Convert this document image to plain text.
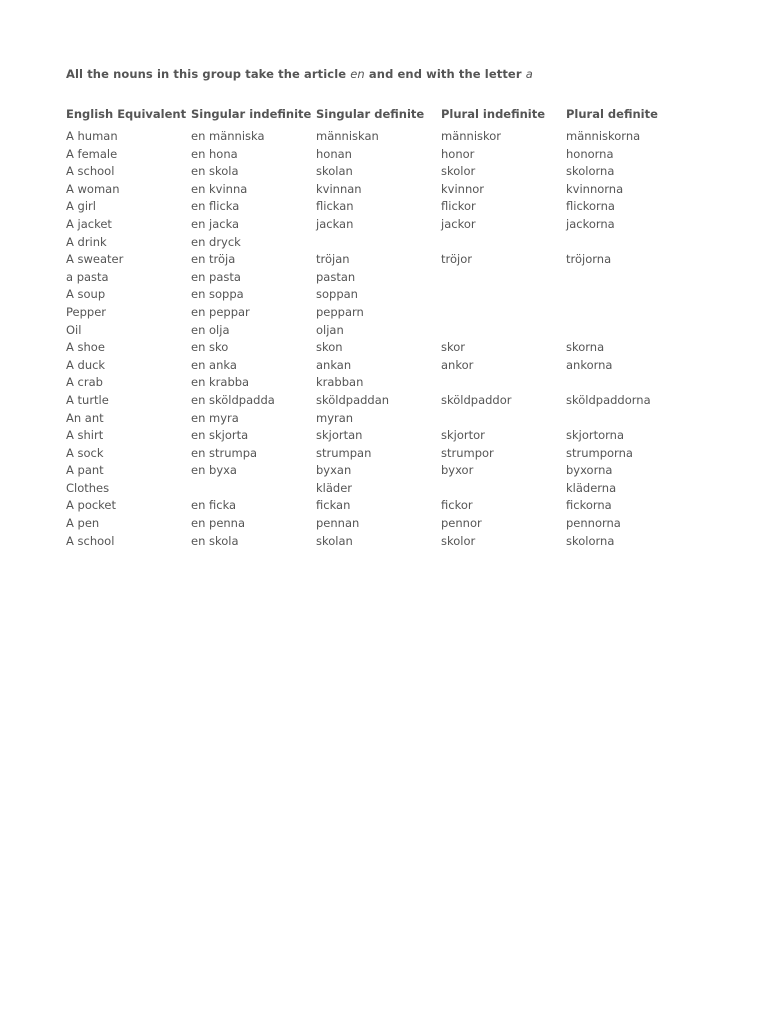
All the nouns in this group take the article en and end with the letter a
English Equivalent	Singular indefinite	Singular definite	Plural indefinite	Plural definite
A human	en människa	människan	människor	människorna
A female	en hona	honan	honor	honorna
A school	en skola	skolan	skolor	skolorna
A woman	en kvinna	kvinnan	kvinnor	kvinnorna
A girl	en flicka	flickan	flickor	flickorna
A jacket	en jacka	jackan	jackor	jackorna
A drink	en dryck			
A sweater	en tröja	tröjan	tröjor	tröjorna
a pasta	en pasta	pastan		
A soup	en soppa	soppan		
Pepper	en peppar	pepparn		
Oil	en olja	oljan		
A shoe	en sko	skon	skor	skorna
A duck	en anka	ankan	ankor	ankorna
A crab	en krabba	krabban		
A turtle	en sköldpadda	sköldpaddan	sköldpaddor	sköldpaddorna
An ant	en myra	myran		
A shirt	en skjorta	skjortan	skjortor	skjortorna
A sock	en strumpa	strumpan	strumpor	strumporna
A pant	en byxa	byxan	byxor	byxorna
Clothes		kläder		kläderna
A pocket	en ficka	fickan	fickor	fickorna
A pen	en penna	pennan	pennor	pennorna
A school	en skola	skolan	skolor	skolorna
